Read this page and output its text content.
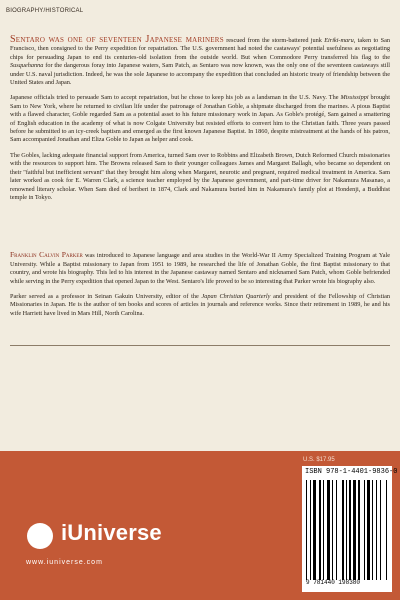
BIOGRAPHY/HISTORICAL

Sentaro was one of seventeen Japanese mariners rescued from the storm-battered junk Eiriki-maru, taken to San Francisco, then consigned to the Perry expedition for repatriation. The U.S. government had noted the castaways' potential usefulness as negotiating chips for persuading Japan to end its centuries-old isolation from the outside world. But when Commodore Perry transferred his flag to the Susquehanna for the dangerous foray into Japanese waters, Sam Patch, as Sentaro was now known, was the only one of the seventeen castaways still under U.S. naval jurisdiction. Indeed, he was the sole Japanese to accompany the expedition that concluded an historic treaty of friendship between the United States and Japan.

Japanese officials tried to persuade Sam to accept repatriation, but he chose to keep his job as a landsman in the U.S. Navy. The Mississippi brought Sam to New York, where he returned to civilian life under the patronage of Jonathan Goble, a shipmate discharged from the marines. A pious Baptist with a flawed character, Goble regarded Sam as a potential asset to his future missionary work in Japan. As Goble's protégé, Sam gained a smattering of English education in the academy of what is now Colgate University but resisted efforts to convert him to the Christian faith. Three years passed before he submitted to an icy-creek baptism and emerged as the first known Japanese Baptist. In 1860, despite mistreatment at the hands of his patron, Sam accompanied Jonathan and Eliza Goble to Japan as helper and cook.

The Gobles, lacking adequate financial support from America, turned Sam over to Robbins and Elizabeth Brown, Dutch Reformed Church missionaries with the resources to support him. The Browns released Sam to their younger colleagues James and Margaret Ballagh, who became so dependent on their "faithful but inefficient servant" that they brought him along when Margaret, neurotic and pregnant, required medical treatment in America. Sam later worked as cook for E. Warren Clark, a science teacher employed by the Japanese government, and part-time driver for Nakamura Masanao, a renowned literary scholar. When Sam died of beriberi in 1874, Clark and Nakamura buried him in Nakamura's family plot at Hondenji, a Buddhist temple in Tokyo.

Franklin Calvin Parker was introduced to Japanese language and area studies in the World-War II Army Specialized Training Program at Yale University. While a Baptist missionary to Japan from 1951 to 1989, he researched the life of Jonathan Goble, the first Baptist missionary to that country, and wrote his biography. This led to his interest in the Japanese castaway named Sentaro and nicknamed Sam Patch, whom Goble befriended while serving in the Perry expedition that opened Japan to the West. Sentaro's life proved to be so interesting that Parker wrote his biography also.

Parker served as a professor in Seinan Gakuin University, editor of the Japan Christian Quarterly and president of the Fellowship of Christian Missionaries in Japan. He is the author of ten books and scores of articles in journals and reference works. Since their retirement in 1989, he and his wife Harriett have lived in Mars Hill, North Carolina.

U.S. $17.95
ISBN 978-1-4401-9836-0
9 781440 198380
iUniverse
www.iuniverse.com
